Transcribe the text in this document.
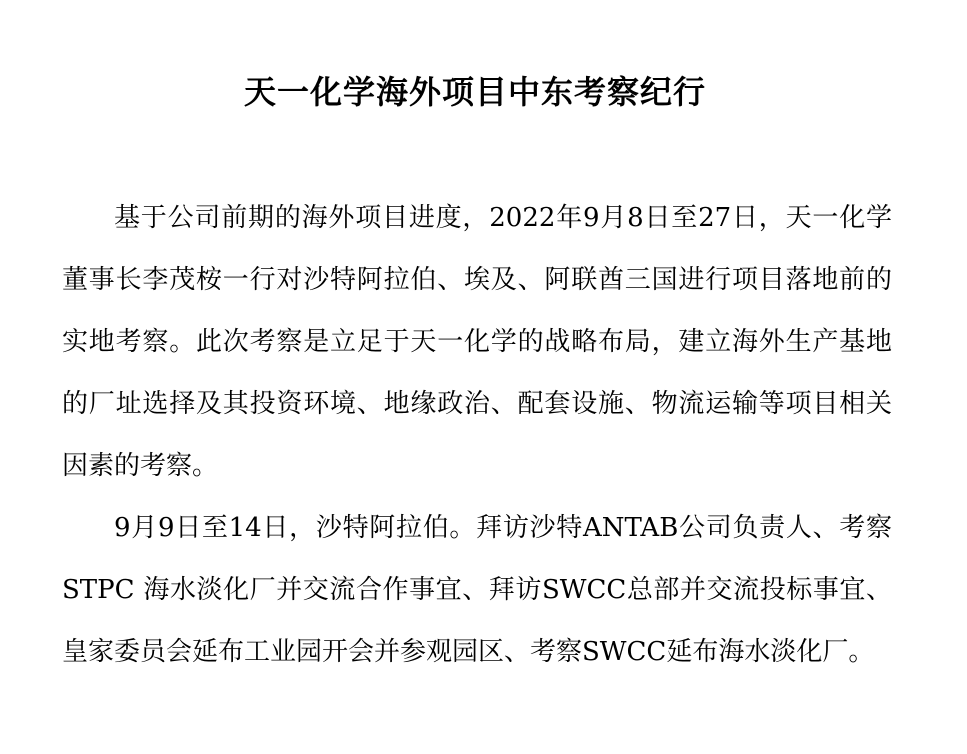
天一化学海外项目中东考察纪行

基于公司前期的海外项目进度，2022年9月8日至27日，天一化学董事长李茂桉一行对沙特阿拉伯、埃及、阿联酋三国进行项目落地前的实地考察。此次考察是立足于天一化学的战略布局，建立海外生产基地的厂址选择及其投资环境、地缘政治、配套设施、物流运输等项目相关因素的考察。

9月9日至14日，沙特阿拉伯。拜访沙特ANTAB公司负责人、考察STPC 海水淡化厂并交流合作事宜、拜访SWCC总部并交流投标事宜、皇家委员会延布工业园开会并参观园区、考察SWCC延布海水淡化厂。
